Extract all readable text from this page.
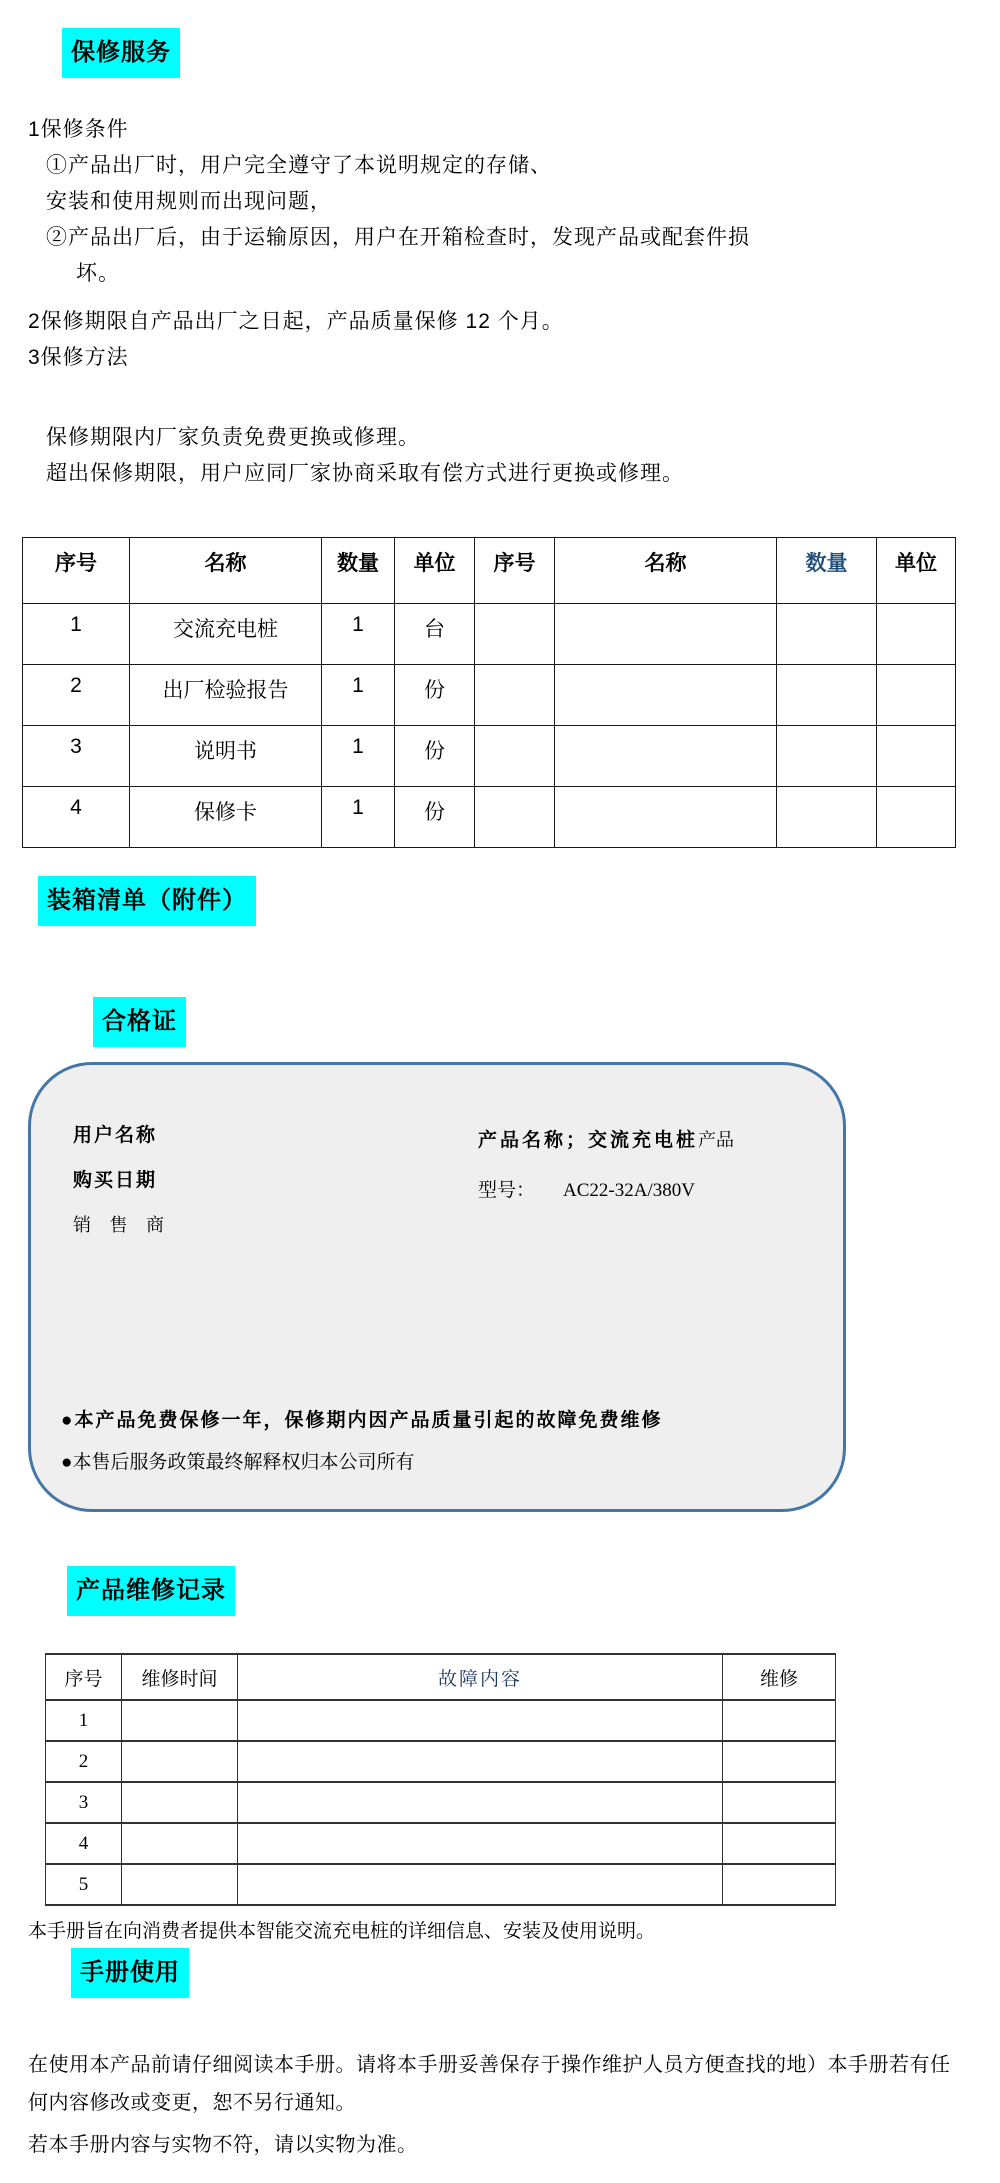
保修服务
1保修条件
①产品出厂时，用户完全遵守了本说明规定的存储、
安装和使用规则而出现问题，
②产品出厂后，由于运输原因，用户在开箱检查时，发现产品或配套件损
坏。
2保修期限自产品出厂之日起，产品质量保修 12 个月。
3保修方法
保修期限内厂家负责免费更换或修理。
超出保修期限，用户应同厂家协商采取有偿方式进行更换或修理。
序号	名称	数量	单位	序号	名称	数量	单位
1	交流充电桩	1	台				
2	出厂检验报告	1	份				
3	说明书	1	份				
4	保修卡	1	份				
装箱清单（附件）
合格证
用户名称
购买日期
销 售 商
产品名称；交流充电桩产品
型号： AC22-32A/380V
●本产品免费保修一年，保修期内因产品质量引起的故障免费维修
●本售后服务政策最终解释权归本公司所有
产品维修记录
序号	维修时间	故障内容	维修
1			
2			
3			
4			
5			
本手册旨在向消费者提供本智能交流充电桩的详细信息、安装及使用说明。
手册使用
在使用本产品前请仔细阅读本手册。请将本手册妥善保存于操作维护人员方便查找的地）本手册若有任
何内容修改或变更，恕不另行通知。
若本手册内容与实物不符，请以实物为准。
